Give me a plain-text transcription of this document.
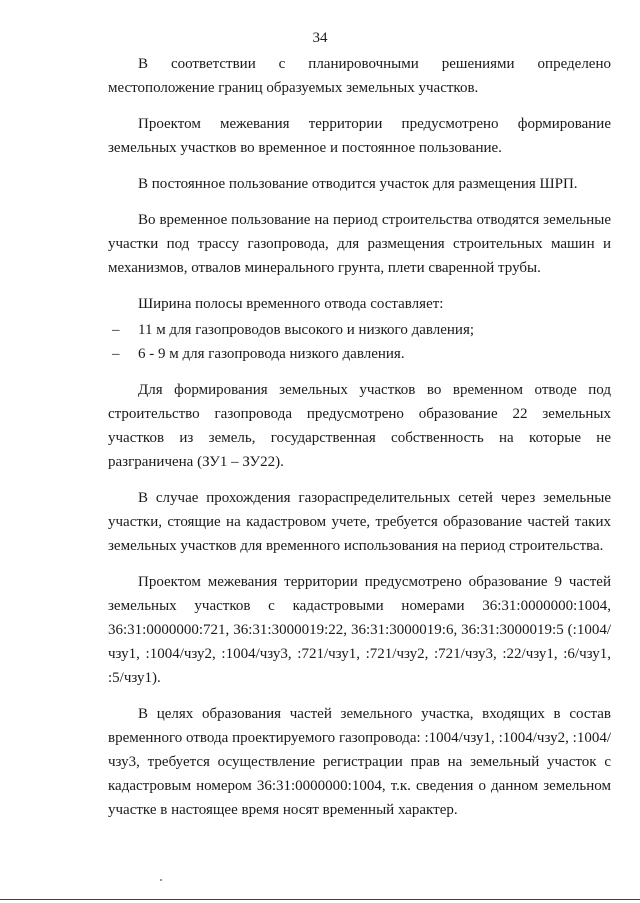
34

В соответствии с планировочными решениями определено местоположение границ образуемых земельных участков.

Проектом межевания территории предусмотрено формирование земельных участков во временное и постоянное пользование.

В постоянное пользование отводится участок для размещения ШРП.

Во временное пользование на период строительства отводятся земельные участки под трассу газопровода, для размещения строительных машин и механизмов, отвалов минерального грунта, плети сваренной трубы.

Ширина полосы временного отвода составляет:

– 11 м для газопроводов высокого и низкого давления;
– 6 - 9 м для газопровода низкого давления.

Для формирования земельных участков во временном отводе под строительство газопровода предусмотрено образование 22 земельных участков из земель, государственная собственность на которые не разграничена (ЗУ1 – ЗУ22).

В случае прохождения газораспределительных сетей через земельные участки, стоящие на кадастровом учете, требуется образование частей таких земельных участков для временного использования на период строительства.

Проектом межевания территории предусмотрено образование 9 частей земельных участков с кадастровыми номерами 36:31:0000000:1004, 36:31:0000000:721, 36:31:3000019:22, 36:31:3000019:6, 36:31:3000019:5 (:1004/чзу1, :1004/чзу2, :1004/чзу3, :721/чзу1, :721/чзу2, :721/чзу3, :22/чзу1, :6/чзу1, :5/чзу1).

В целях образования частей земельного участка, входящих в состав временного отвода проектируемого газопровода: :1004/чзу1, :1004/чзу2, :1004/чзу3, требуется осуществление регистрации прав на земельный участок с кадастровым номером 36:31:0000000:1004, т.к. сведения о данном земельном участке в настоящее время носят временный характер.
